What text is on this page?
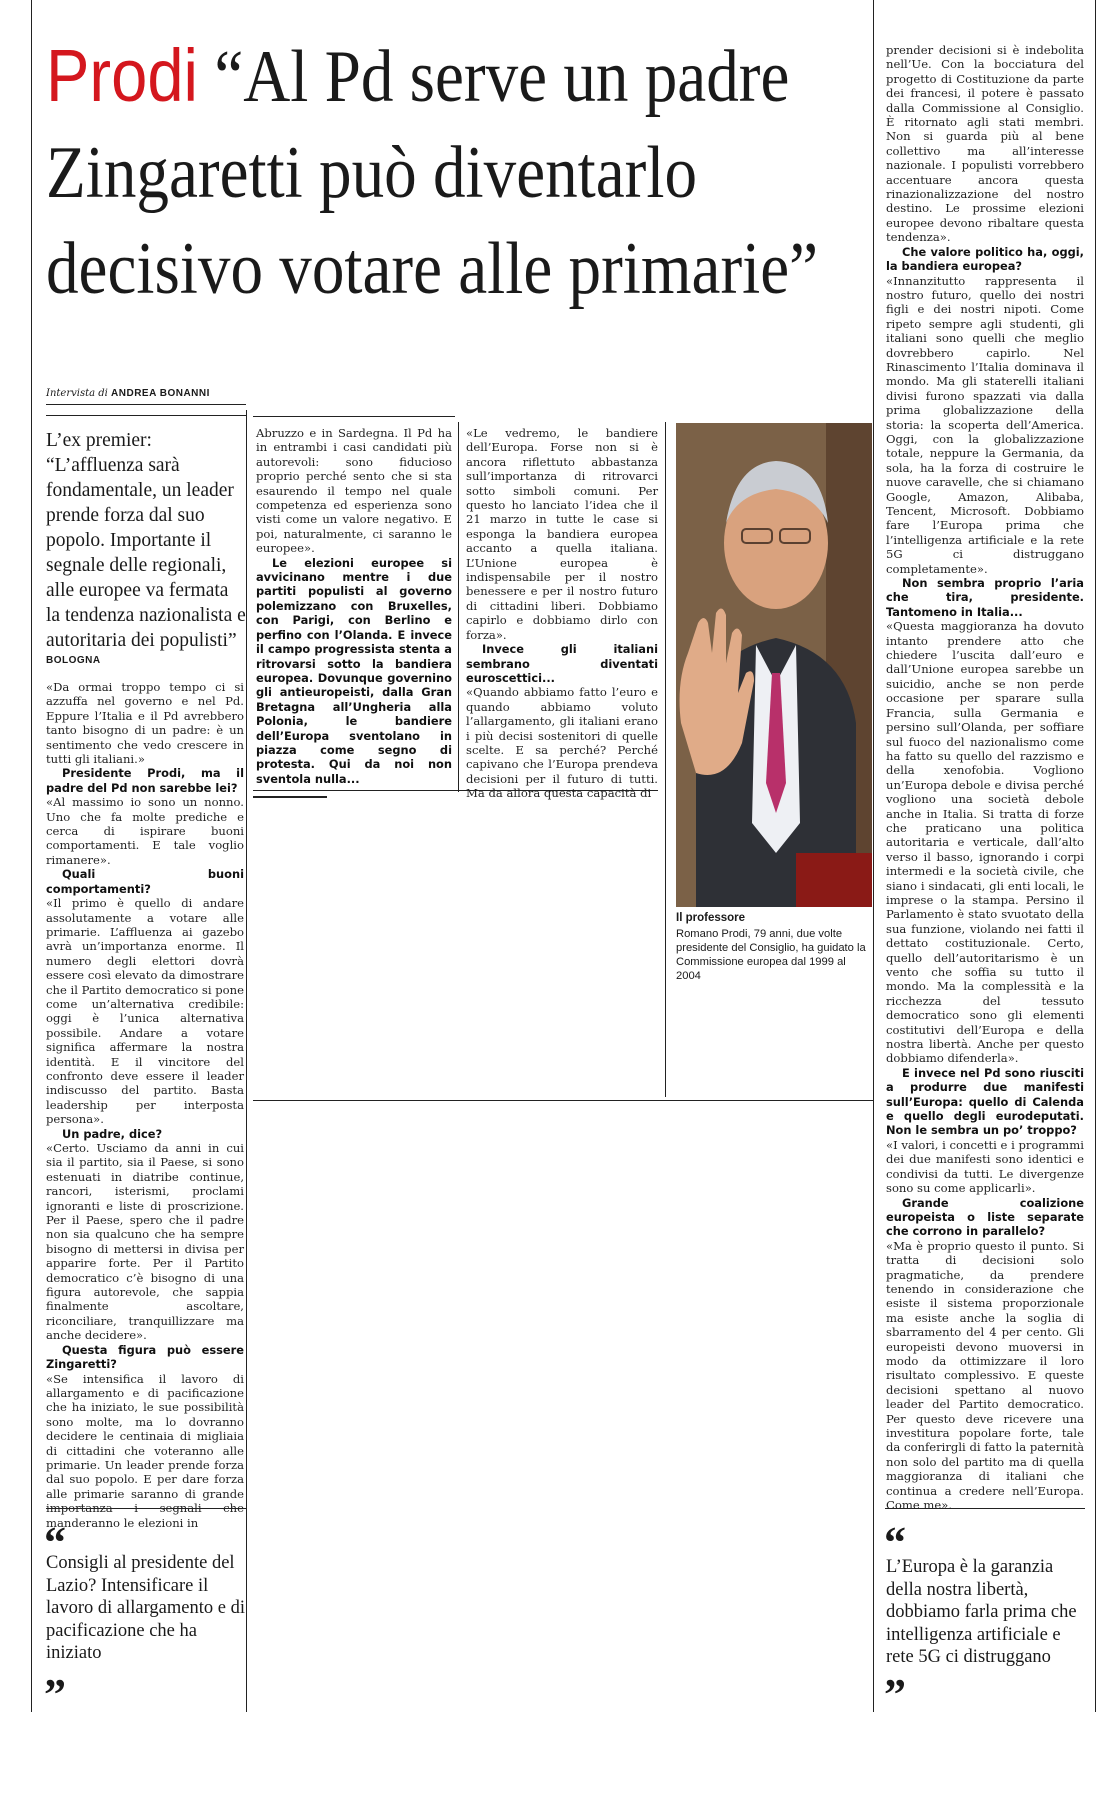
Prodi “Al Pd serve un padre
Zingaretti può diventarlo
decisivo votare alle primarie”
Intervista di ANDREA BONANNI
L’ex premier: “L’affluenza sarà fondamentale, un leader prende forza dal suo popolo. Importante il segnale delle regionali, alle europee va fermata la tendenza nazionalista e autoritaria dei populisti”
BOLOGNA

«Da ormai troppo tempo ci si azzuffa nel governo e nel Pd. Eppure l’Italia e il Pd avrebbero tanto bisogno di un padre: è un sentimento che vedo crescere in tutti gli italiani.»

Presidente Prodi, ma il padre del Pd non sarebbe lei?

«Al massimo io sono un nonno. Uno che fa molte prediche e cerca di ispirare buoni comportamenti. E tale voglio rimanere».

Quali buoni comportamenti?

«Il primo è quello di andare assolutamente a votare alle primarie. L’affluenza ai gazebo avrà un’importanza enorme. Il numero degli elettori dovrà essere così elevato da dimostrare che il Partito democratico si pone come un’alternativa credibile: oggi è l’unica alternativa possibile. Andare a votare significa affermare la nostra identità. E il vincitore del confronto deve essere il leader indiscusso del partito. Basta leadership per interposta persona».

Un padre, dice?

«Certo. Usciamo da anni in cui sia il partito, sia il Paese, si sono estenuati in diatribe continue, rancori, isterismi, proclami ignoranti e liste di proscrizione. Per il Paese, spero che il padre non sia qualcuno che ha sempre bisogno di mettersi in divisa per apparire forte. Per il Partito democratico c’è bisogno di una figura autorevole, che sappia finalmente ascoltare, riconciliare, tranquillizzare ma anche decidere».

Questa figura può essere Zingaretti?

«Se intensifica il lavoro di allargamento e di pacificazione che ha iniziato, le sue possibilità sono molte, ma lo dovranno decidere le centinaia di migliaia di cittadini che voteranno alle primarie. Un leader prende forza dal suo popolo. E per dare forza alle primarie saranno di grande importanza i segnali che manderanno le elezioni in

Abruzzo e in Sardegna. Il Pd ha in entrambi i casi candidati più autorevoli: sono fiducioso proprio perché sento che si sta esaurendo il tempo nel quale competenza ed esperienza sono visti come un valore negativo. E poi, naturalmente, ci saranno le europee».

Le elezioni europee si avvicinano mentre i due partiti populisti al governo polemizzano con Bruxelles, con Parigi, con Berlino e perfino con l’Olanda. E invece il campo progressista stenta a ritrovarsi sotto la bandiera europea. Dovunque governino gli antieuropeisti, dalla Gran Bretagna all’Ungheria alla Polonia, le bandiere dell’Europa sventolano in piazza come segno di protesta. Qui da noi non sventola nulla...

«Le vedremo, le bandiere dell’Europa. Forse non si è ancora riflettuto abbastanza sull’importanza di ritrovarci sotto simboli comuni. Per questo ho lanciato l’idea che il 21 marzo in tutte le case si esponga la bandiera europea accanto a quella italiana. L’Unione europea è indispensabile per il nostro benessere e per il nostro futuro di cittadini liberi. Dobbiamo capirlo e dobbiamo dirlo con forza».

Invece gli italiani sembrano diventati euroscettici...

«Quando abbiamo fatto l’euro e quando abbiamo voluto l’allargamento, gli italiani erano i più decisi sostenitori di quelle scelte. E sa perché? Perché capivano che l’Europa prendeva decisioni per il futuro di tutti. Ma da allora questa capacità di

prender decisioni si è indebolita nell’Ue. Con la bocciatura del progetto di Costituzione da parte dei francesi, il potere è passato dalla Commissione al Consiglio. È ritornato agli stati membri. Non si guarda più al bene collettivo ma all’interesse nazionale. I populisti vorrebbero accentuare ancora questa rinazionalizzazione del nostro destino. Le prossime elezioni europee devono ribaltare questa tendenza».

Che valore politico ha, oggi, la bandiera europea?

«Innanzitutto rappresenta il nostro futuro, quello dei nostri figli e dei nostri nipoti. Come ripeto sempre agli studenti, gli italiani sono quelli che meglio dovrebbero capirlo. Nel Rinascimento l’Italia dominava il mondo. Ma gli staterelli italiani divisi furono spazzati via dalla prima globalizzazione della storia: la scoperta dell’America. Oggi, con la globalizzazione totale, neppure la Germania, da sola, ha la forza di costruire le nuove caravelle, che si chiamano Google, Amazon, Alibaba, Tencent, Microsoft. Dobbiamo fare l’Europa prima che l’intelligenza artificiale e la rete 5G ci distruggano completamente».

Non sembra proprio l’aria che tira, presidente. Tantomeno in Italia...

«Questa maggioranza ha dovuto intanto prendere atto che chiedere l’uscita dall’euro e dall’Unione europea sarebbe un suicidio, anche se non perde occasione per sparare sulla Francia, sulla Germania e persino sull’Olanda, per soffiare sul fuoco del nazionalismo come ha fatto su quello del razzismo e della xenofobia. Vogliono un’Europa debole e divisa perché vogliono una società debole anche in Italia. Si tratta di forze che praticano una politica autoritaria e verticale, dall’alto verso il basso, ignorando i corpi intermedi e la società civile, che siano i sindacati, gli enti locali, le imprese o la stampa. Persino il Parlamento è stato svuotato della sua funzione, violando nei fatti il dettato costituzionale. Certo, quello dell’autoritarismo è un vento che soffia su tutto il mondo. Ma la complessità e la ricchezza del tessuto democratico sono gli elementi costitutivi dell’Europa e della nostra libertà. Anche per questo dobbiamo difenderla».

E invece nel Pd sono riusciti a produrre due manifesti sull’Europa: quello di Calenda e quello degli eurodeputati. Non le sembra un po’ troppo?

«I valori, i concetti e i programmi dei due manifesti sono identici e condivisi da tutti. Le divergenze sono su come applicarli».

Grande coalizione europeista o liste separate che corrono in parallelo?

«Ma è proprio questo il punto. Si tratta di decisioni solo pragmatiche, da prendere tenendo in considerazione che esiste il sistema proporzionale ma esiste anche la soglia di sbarramento del 4 per cento. Gli europeisti devono muoversi in modo da ottimizzare il loro risultato complessivo. E queste decisioni spettano al nuovo leader del Partito democratico. Per questo deve ricevere una investitura popolare forte, tale da conferirgli di fatto la paternità non solo del partito ma di quella maggioranza di italiani che continua a credere nell’Europa. Come me».

Il professore
Romano Prodi, 79 anni, due volte presidente del Consiglio, ha guidato la Commissione europea dal 1999 al 2004
“
Consigli al presidente del Lazio? Intensificare il lavoro di allargamento e di pacificazione che ha iniziato
”
“
L’Europa è la garanzia della nostra libertà, dobbiamo farla prima che intelligenza artificiale e rete 5G ci distruggano
”
